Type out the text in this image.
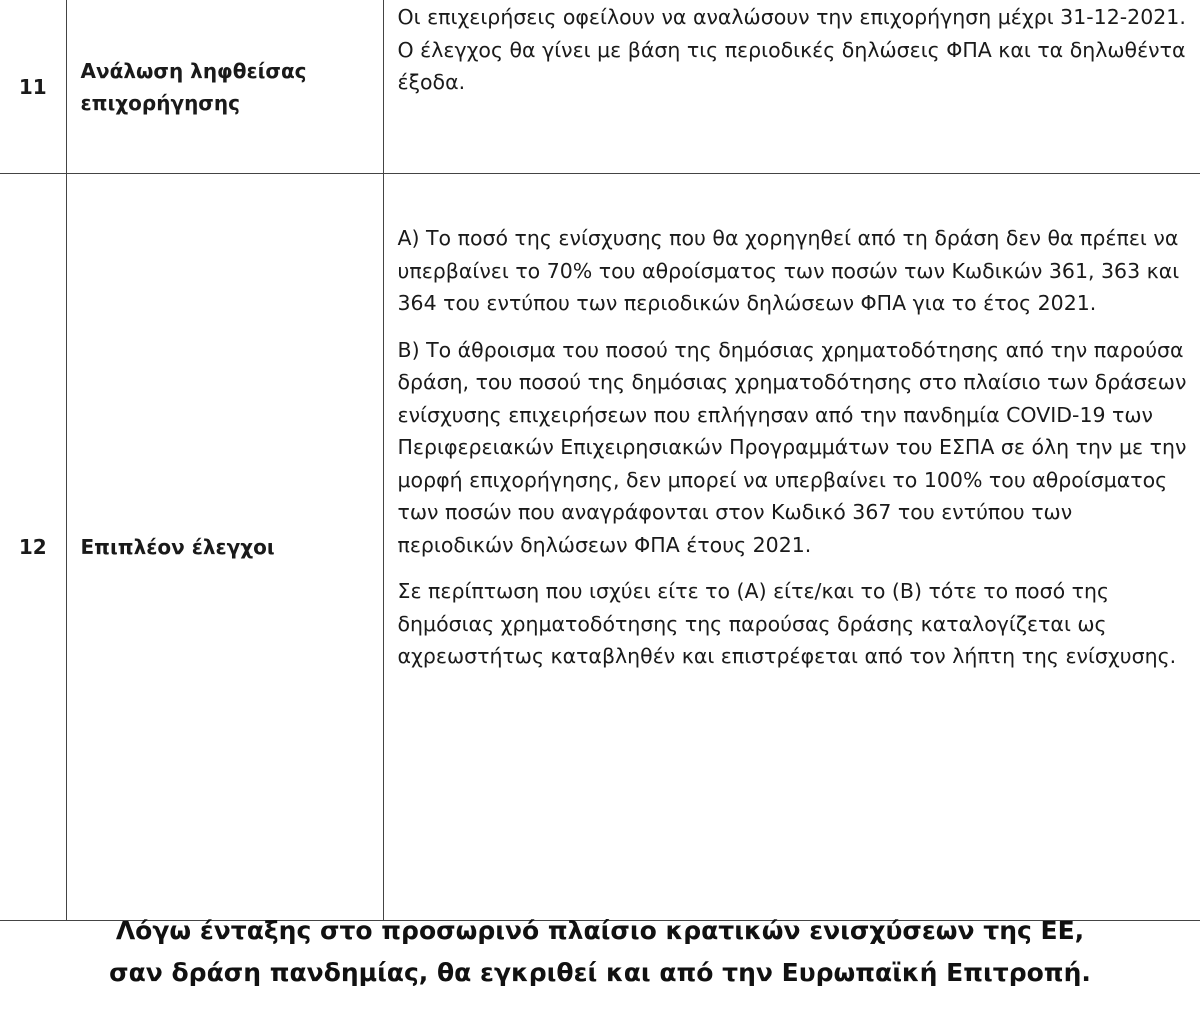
11	Ανάλωση ληφθείσας επιχορήγησης	Οι επιχειρήσεις οφείλουν να αναλώσουν την επιχορήγηση μέχρι 31-12-2021.

Ο έλεγχος θα γίνει με βάση τις περιοδικές δηλώσεις ΦΠΑ και τα δηλωθέντα έξοδα.

12	Επιπλέον έλεγχοι	Α) Το ποσό της ενίσχυσης που θα χορηγηθεί από τη δράση δεν θα πρέπει να υπερβαίνει το 70% του αθροίσματος των ποσών των Κωδικών 361, 363 και 364 του εντύπου των περιοδικών δηλώσεων ΦΠΑ για το έτος 2021.

Β) Το άθροισμα του ποσού της δημόσιας χρηματοδότησης από την παρούσα δράση, του ποσού της δημόσιας χρηματοδότησης στο πλαίσιο των δράσεων ενίσχυσης επιχειρήσεων που επλήγησαν από την πανδημία COVID-19 των Περιφερειακών Επιχειρησιακών Προγραμμάτων του ΕΣΠΑ σε όλη την με την μορφή επιχορήγησης, δεν μπορεί να υπερβαίνει το 100% του αθροίσματος των ποσών που αναγράφονται στον Κωδικό 367 του εντύπου των περιοδικών δηλώσεων ΦΠΑ έτους 2021.

Σε περίπτωση που ισχύει είτε το (Α) είτε/και το (Β) τότε το ποσό της δημόσιας χρηματοδότησης της παρούσας δράσης καταλογίζεται ως αχρεωστήτως καταβληθέν και επιστρέφεται από τον λήπτη της ενίσχυσης.

Λόγω ένταξης στο προσωρινό πλαίσιο κρατικών ενισχύσεων της ΕΕ,
σαν δράση πανδημίας, θα εγκριθεί και από την Ευρωπαϊκή Επιτροπή.
